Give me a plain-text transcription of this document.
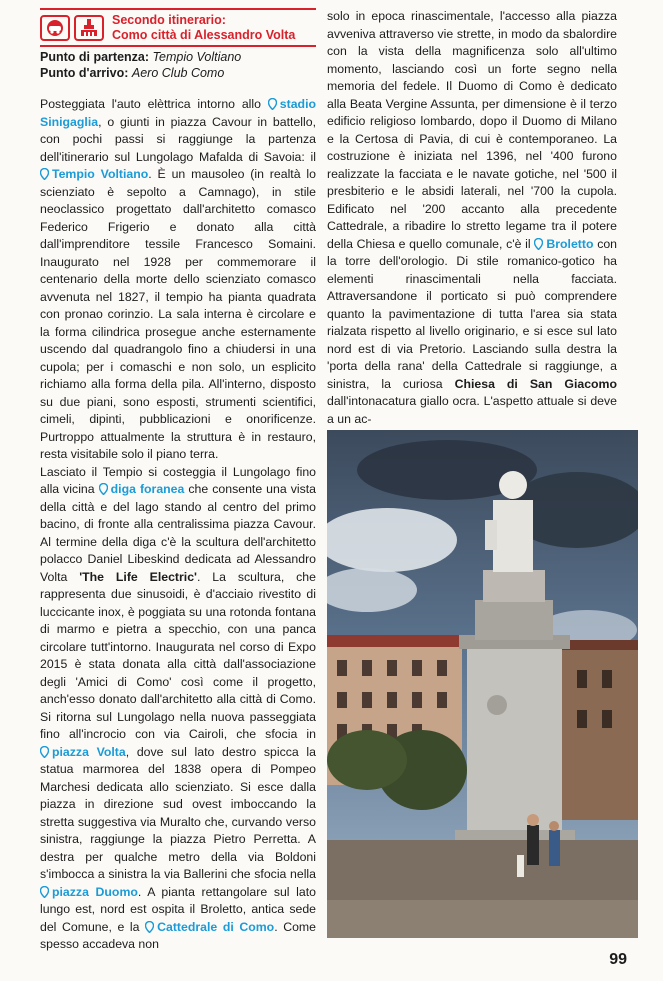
Secondo itinerario:
Como città di Alessandro Volta
Punto di partenza: Tempio Voltiano
Punto d'arrivo: Aero Club Como
Posteggiata l'auto elèttrica intorno allo stadio Sinigaglia, o giunti in piazza Cavour in battello, con pochi passi si raggiunge la partenza dell'itinerario sul Lungolago Mafalda di Savoia: il Tempio Voltiano. È un mausoleo (in realtà lo scienziato è sepolto a Camnago), in stile neoclassico progettato dall'architetto comasco Federico Frigerio e donato alla città dall'imprenditore tessile Francesco Somaini. Inaugurato nel 1928 per commemorare il centenario della morte dello scienziato comasco avvenuta nel 1827, il tempio ha pianta quadrata con pronao corinzio. La sala interna è circolare e la forma cilindrica prosegue anche esternamente uscendo dal quadrangolo fino a chiudersi in una cupola; per i comaschi e non solo, un esplicito richiamo alla forma della pila. All'interno, disposto su due piani, sono esposti, strumenti scientifici, cimeli, dipinti, pubblicazioni e onorificenze. Purtroppo attualmente la struttura è in restauro, resta visitabile solo il piano terra.
Lasciato il Tempio si costeggia il Lungolago fino alla vicina diga foranea che consente una vista della città e del lago stando al centro del primo bacino, di fronte alla centralissima piazza Cavour. Al termine della diga c'è la scultura dell'architetto polacco Daniel Libeskind dedicata ad Alessandro Volta 'The Life Electric'. La scultura, che rappresenta due sinusoidi, è d'acciaio rivestito di luccicante inox, è poggiata su una rotonda fontana di marmo e pietra a specchio, con una panca circolare tutt'intorno. Inaugurata nel corso di Expo 2015 è stata donata alla città dall'associazione degli 'Amici di Como' così come il progetto, anch'esso donato dall'architetto alla città di Como. Si ritorna sul Lungolago nella nuova passeggiata fino all'incrocio con via Cairoli, che sfocia in piazza Volta, dove sul lato destro spicca la statua marmorea del 1838 opera di Pompeo Marchesi dedicata allo scienziato. Si esce dalla piazza in direzione sud ovest imboccando la stretta suggestiva via Muralto che, curvando verso sinistra, raggiunge la piazza Pietro Perretta. A destra per qualche metro della via Boldoni s'imbocca a sinistra la via Ballerini che sfocia nella piazza Duomo. A pianta rettangolare sul lato lungo est, nord est ospita il Broletto, antica sede del Comune, e la Cattedrale di Como. Come spesso accadeva non
solo in epoca rinascimentale, l'accesso alla piazza avveniva attraverso vie strette, in modo da sbalordire con la vista della magnificenza solo all'ultimo momento, lasciando così un forte segno nella memoria del fedele. Il Duomo di Como è dedicato alla Beata Vergine Assunta, per dimensione è il terzo edificio religioso lombardo, dopo il Duomo di Milano e la Certosa di Pavia, di cui è contemporaneo. La costruzione è iniziata nel 1396, nel '400 furono realizzate la facciata e le navate gotiche, nel '500 il presbiterio e le absidi laterali, nel '700 la cupola. Edificato nel '200 accanto alla precedente Cattedrale, a ribadire lo stretto legame tra il potere della Chiesa e quello comunale, c'è il Broletto con la torre dell'orologio. Di stile romanico-gotico ha elementi rinascimentali nella facciata. Attraversandone il porticato si può comprendere quanto la pavimentazione di tutta l'area sia stata rialzata rispetto al livello originario, e si esce sul lato nord est di via Pretorio. Lasciando sulla destra la 'porta della rana' della Cattedrale si raggiunge, a sinistra, la curiosa Chiesa di San Giacomo dall'intonacatura giallo ocra. L'aspetto attuale si deve a un ac-
99
